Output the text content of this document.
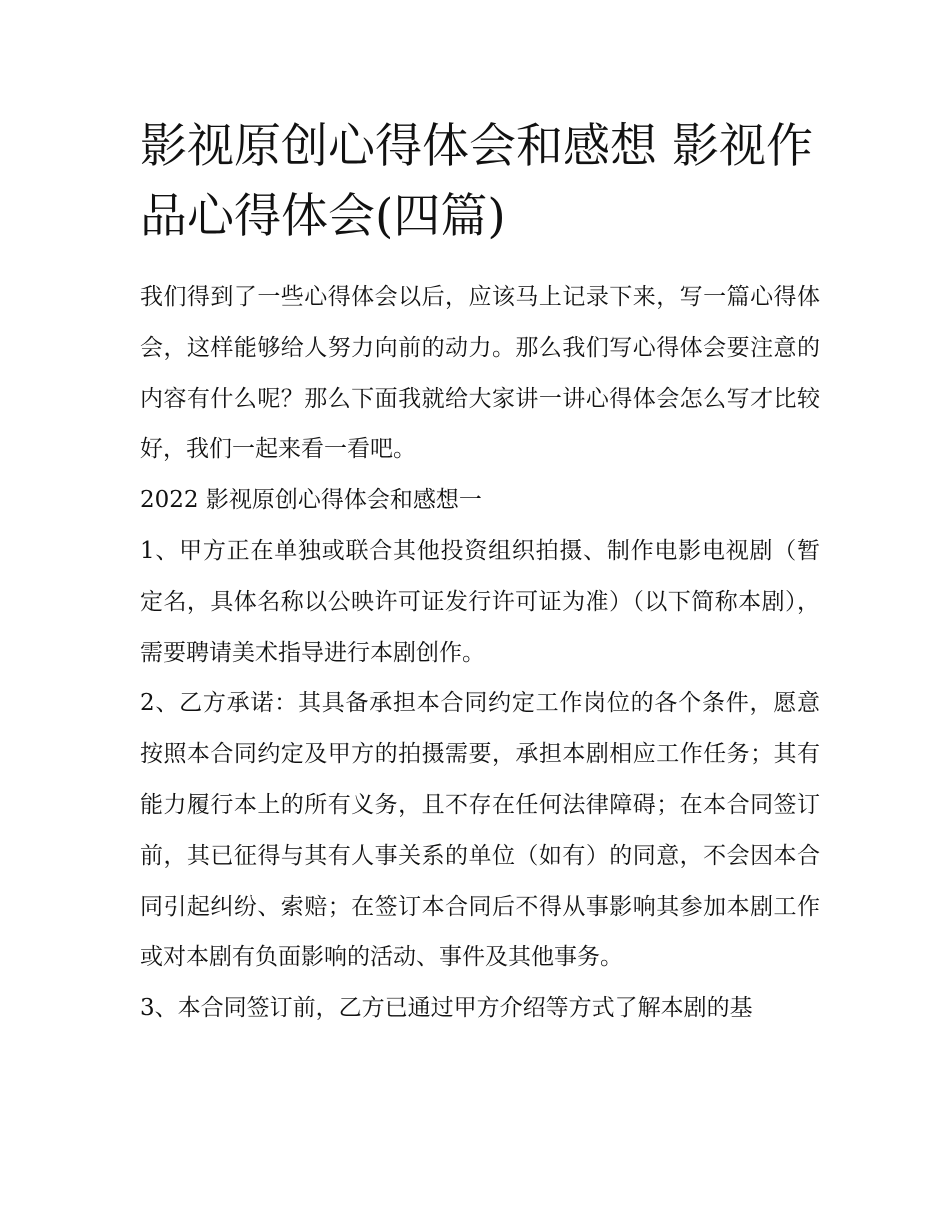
影视原创心得体会和感想 影视作品心得体会(四篇)

我们得到了一些心得体会以后，应该马上记录下来，写一篇心得体会，这样能够给人努力向前的动力。那么我们写心得体会要注意的内容有什么呢？那么下面我就给大家讲一讲心得体会怎么写才比较好，我们一起来看一看吧。

2022 影视原创心得体会和感想一

1、甲方正在单独或联合其他投资组织拍摄、制作电影电视剧（暂定名，具体名称以公映许可证发行许可证为准）（以下简称本剧），需要聘请美术指导进行本剧创作。

2、乙方承诺：其具备承担本合同约定工作岗位的各个条件，愿意按照本合同约定及甲方的拍摄需要，承担本剧相应工作任务；其有能力履行本上的所有义务，且不存在任何法律障碍；在本合同签订前，其已征得与其有人事关系的单位（如有）的同意，不会因本合同引起纠纷、索赔；在签订本合同后不得从事影响其参加本剧工作或对本剧有负面影响的活动、事件及其他事务。

3、本合同签订前，乙方已通过甲方介绍等方式了解本剧的基
